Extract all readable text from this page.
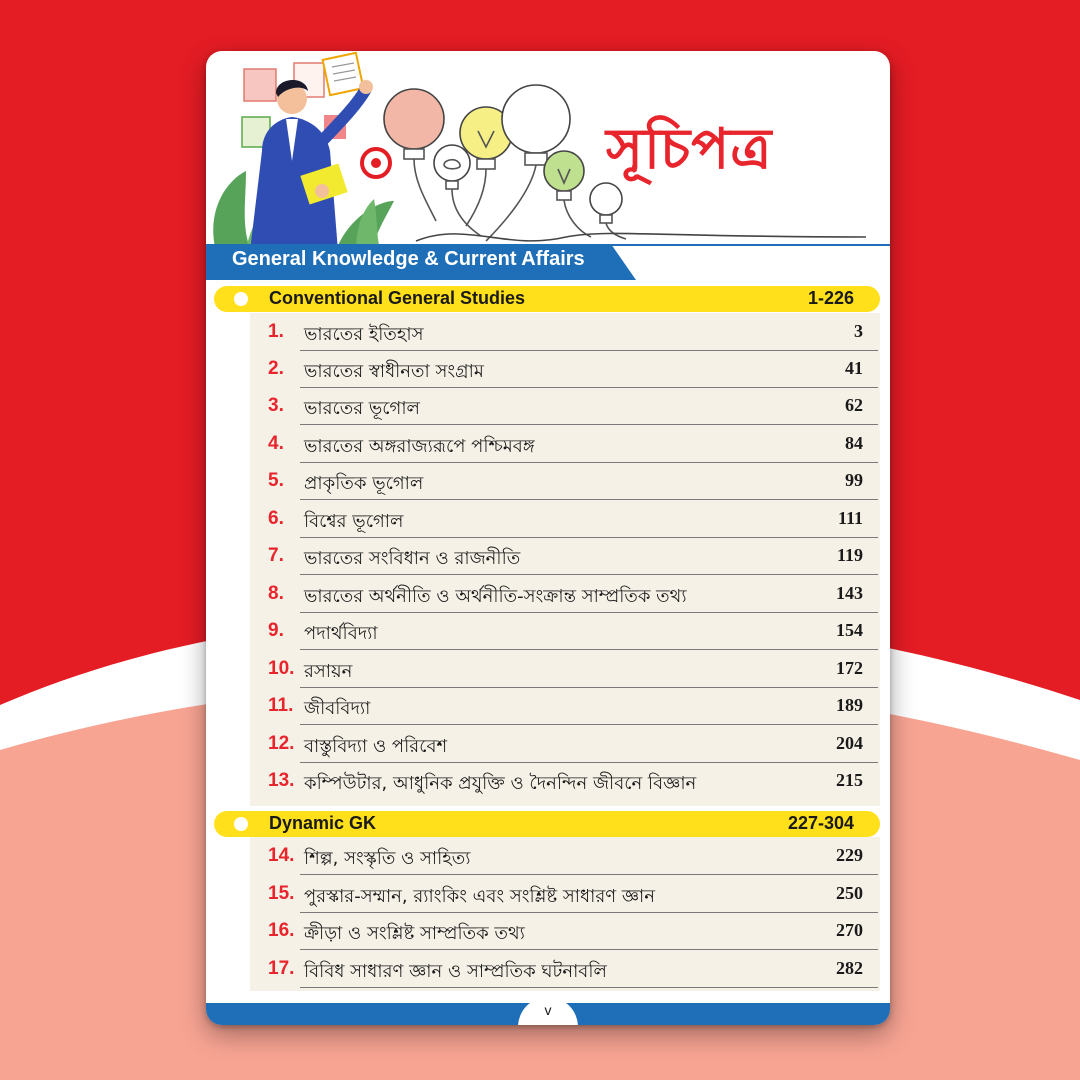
সূচিপত্র
General Knowledge & Current Affairs
Conventional General Studies	1-226
1.	ভারতের ইতিহাস	3
2.	ভারতের স্বাধীনতা সংগ্রাম	41
3.	ভারতের ভূগোল	62
4.	ভারতের অঙ্গরাজ্যরূপে পশ্চিমবঙ্গ	84
5.	প্রাকৃতিক ভূগোল	99
6.	বিশ্বের ভূগোল	111
7.	ভারতের সংবিধান ও রাজনীতি	119
8.	ভারতের অর্থনীতি ও অর্থনীতি-সংক্রান্ত সাম্প্রতিক তথ্য	143
9.	পদার্থবিদ্যা	154
10. রসায়ন	172
11. জীববিদ্যা	189
12. বাস্তুবিদ্যা ও পরিবেশ	204
13. কম্পিউটার, আধুনিক প্রযুক্তি ও দৈনন্দিন জীবনে বিজ্ঞান	215
Dynamic GK	227-304
14. শিল্প, সংস্কৃতি ও সাহিত্য	229
15. পুরস্কার-সম্মান, র‍্যাংকিং এবং সংশ্লিষ্ট সাধারণ জ্ঞান	250
16. ক্রীড়া ও সংশ্লিষ্ট সাম্প্রতিক তথ্য	270
17. বিবিধ সাধারণ জ্ঞান ও সাম্প্রতিক ঘটনাবলি	282
v
